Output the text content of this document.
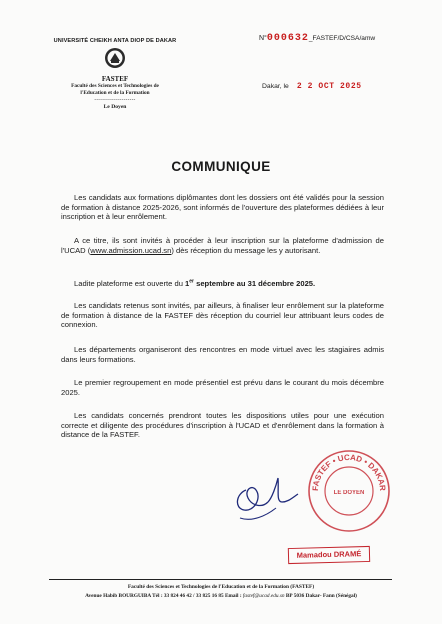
UNIVERSITÉ CHEIKH ANTA DIOP DE DAKAR
FASTEF
Faculté des Sciences et Technologies de
l'Education et de la Formation
---------------------
Le Doyen
N°000632_FASTEF/D/CSA/amw
Dakar, le 2 2 OCT 2025
COMMUNIQUE

Les candidats aux formations diplômantes dont les dossiers ont été validés pour la session de formation à distance 2025-2026, sont informés de l'ouverture des plateformes dédiées à leur inscription et à leur enrôlement.

A ce titre, ils sont invités à procéder à leur inscription sur la plateforme d'admission de l'UCAD (www.admission.ucad.sn) dès réception du message les y autorisant.

Ladite plateforme est ouverte du 1er septembre au 31 décembre 2025.

Les candidats retenus sont invités, par ailleurs, à finaliser leur enrôlement sur la plateforme de formation à distance de la FASTEF dès réception du courriel leur attribuant leurs codes de connexion.

Les départements organiseront des rencontres en mode virtuel avec les stagiaires admis dans leurs formations.

Le premier regroupement en mode présentiel est prévu dans le courant du mois décembre 2025.

Les candidats concernés prendront toutes les dispositions utiles pour une exécution correcte et diligente des procédures d'inscription à l'UCAD et d'enrôlement dans la formation à distance de la FASTEF.

FASTEF • UCAD • DAKAR
LE DOYEN
Mamadou DRAMÉ
Faculté des Sciences et Technologies de l'Education et de la Formation (FASTEF)
Avenue Habib BOURGUIBA Tél : 33 824 46 42 / 33 825 16 85 Email : fastef@ucad.edu.sn BP 5036 Dakar- Fann (Sénégal)
